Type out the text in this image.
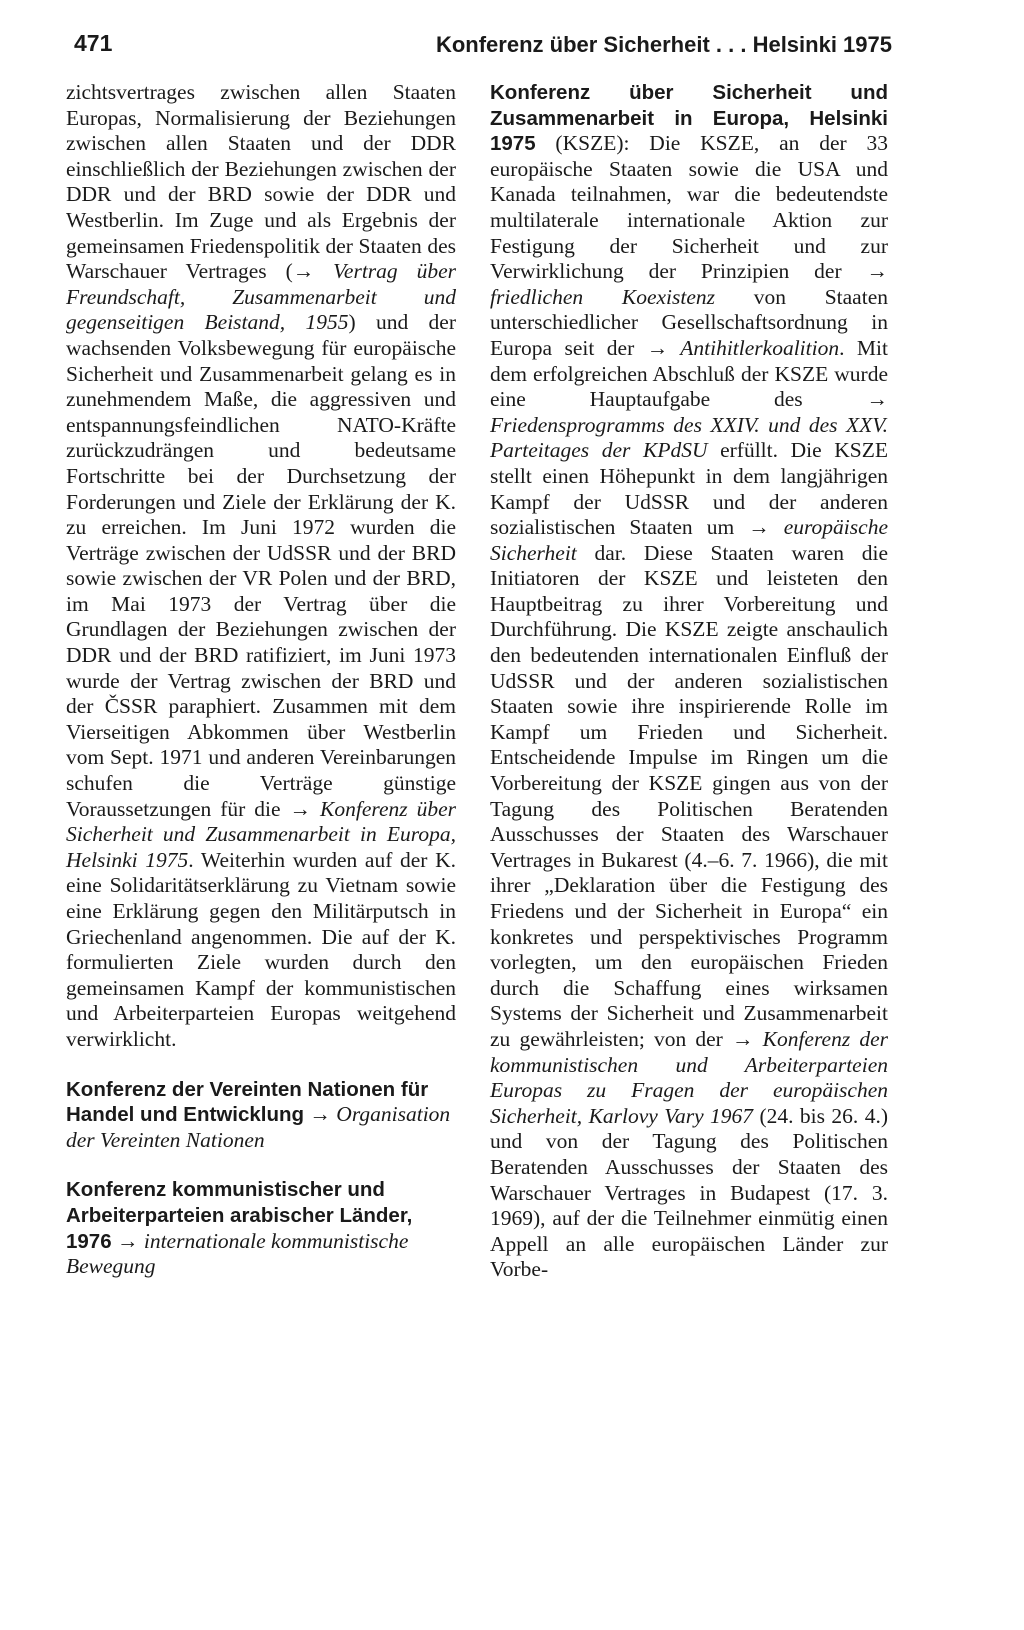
471	Konferenz über Sicherheit . . . Helsinki 1975

zichtsvertrages zwischen allen Staaten Europas, Normalisierung der Beziehungen zwischen allen Staaten und der DDR einschließlich der Beziehungen zwischen der DDR und der BRD sowie der DDR und Westberlin. Im Zuge und als Ergebnis der gemeinsamen Friedenspolitik der Staaten des Warschauer Vertrages (→ Vertrag über Freundschaft, Zusammenarbeit und gegenseitigen Beistand, 1955) und der wachsenden Volksbewegung für europäische Sicherheit und Zusammenarbeit gelang es in zunehmendem Maße, die aggressiven und entspannungsfeindlichen NATO-Kräfte zurückzudrängen und bedeutsame Fortschritte bei der Durchsetzung der Forderungen und Ziele der Erklärung der K. zu erreichen. Im Juni 1972 wurden die Verträge zwischen der UdSSR und der BRD sowie zwischen der VR Polen und der BRD, im Mai 1973 der Vertrag über die Grundlagen der Beziehungen zwischen der DDR und der BRD ratifiziert, im Juni 1973 wurde der Vertrag zwischen der BRD und der ČSSR paraphiert. Zusammen mit dem Vierseitigen Abkommen über Westberlin vom Sept. 1971 und anderen Vereinbarungen schufen die Verträge günstige Voraussetzungen für die → Konferenz über Sicherheit und Zusammenarbeit in Europa, Helsinki 1975. Weiterhin wurden auf der K. eine Solidaritätserklärung zu Vietnam sowie eine Erklärung gegen den Militärputsch in Griechenland angenommen. Die auf der K. formulierten Ziele wurden durch den gemeinsamen Kampf der kommunistischen und Arbeiterparteien Europas weitgehend verwirklicht.

Konferenz der Vereinten Nationen für Handel und Entwicklung → Organisation der Vereinten Nationen

Konferenz kommunistischer und Arbeiterparteien arabischer Länder, 1976 → internationale kommunistische Bewegung

Konferenz über Sicherheit und Zusammenarbeit in Europa, Helsinki 1975 (KSZE): Die KSZE, an der 33 europäische Staaten sowie die USA und Kanada teilnahmen, war die bedeutendste multilaterale internationale Aktion zur Festigung der Sicherheit und zur Verwirklichung der Prinzipien der → friedlichen Koexistenz von Staaten unterschiedlicher Gesellschaftsordnung in Europa seit der → Antihitlerkoalition. Mit dem erfolgreichen Abschluß der KSZE wurde eine Hauptaufgabe des → Friedensprogramms des XXIV. und des XXV. Parteitages der KPdSU erfüllt. Die KSZE stellt einen Höhepunkt in dem langjährigen Kampf der UdSSR und der anderen sozialistischen Staaten um → europäische Sicherheit dar. Diese Staaten waren die Initiatoren der KSZE und leisteten den Hauptbeitrag zu ihrer Vorbereitung und Durchführung. Die KSZE zeigte anschaulich den bedeutenden internationalen Einfluß der UdSSR und der anderen sozialistischen Staaten sowie ihre inspirierende Rolle im Kampf um Frieden und Sicherheit. Entscheidende Impulse im Ringen um die Vorbereitung der KSZE gingen aus von der Tagung des Politischen Beratenden Ausschusses der Staaten des Warschauer Vertrages in Bukarest (4.–6. 7. 1966), die mit ihrer „Deklaration über die Festigung des Friedens und der Sicherheit in Europa“ ein konkretes und perspektivisches Programm vorlegten, um den europäischen Frieden durch die Schaffung eines wirksamen Systems der Sicherheit und Zusammenarbeit zu gewährleisten; von der → Konferenz der kommunistischen und Arbeiterparteien Europas zu Fragen der europäischen Sicherheit, Karlovy Vary 1967 (24. bis 26. 4.) und von der Tagung des Politischen Beratenden Ausschusses der Staaten des Warschauer Vertrages in Budapest (17. 3. 1969), auf der die Teilnehmer einmütig einen Appell an alle europäischen Länder zur Vorbe-
